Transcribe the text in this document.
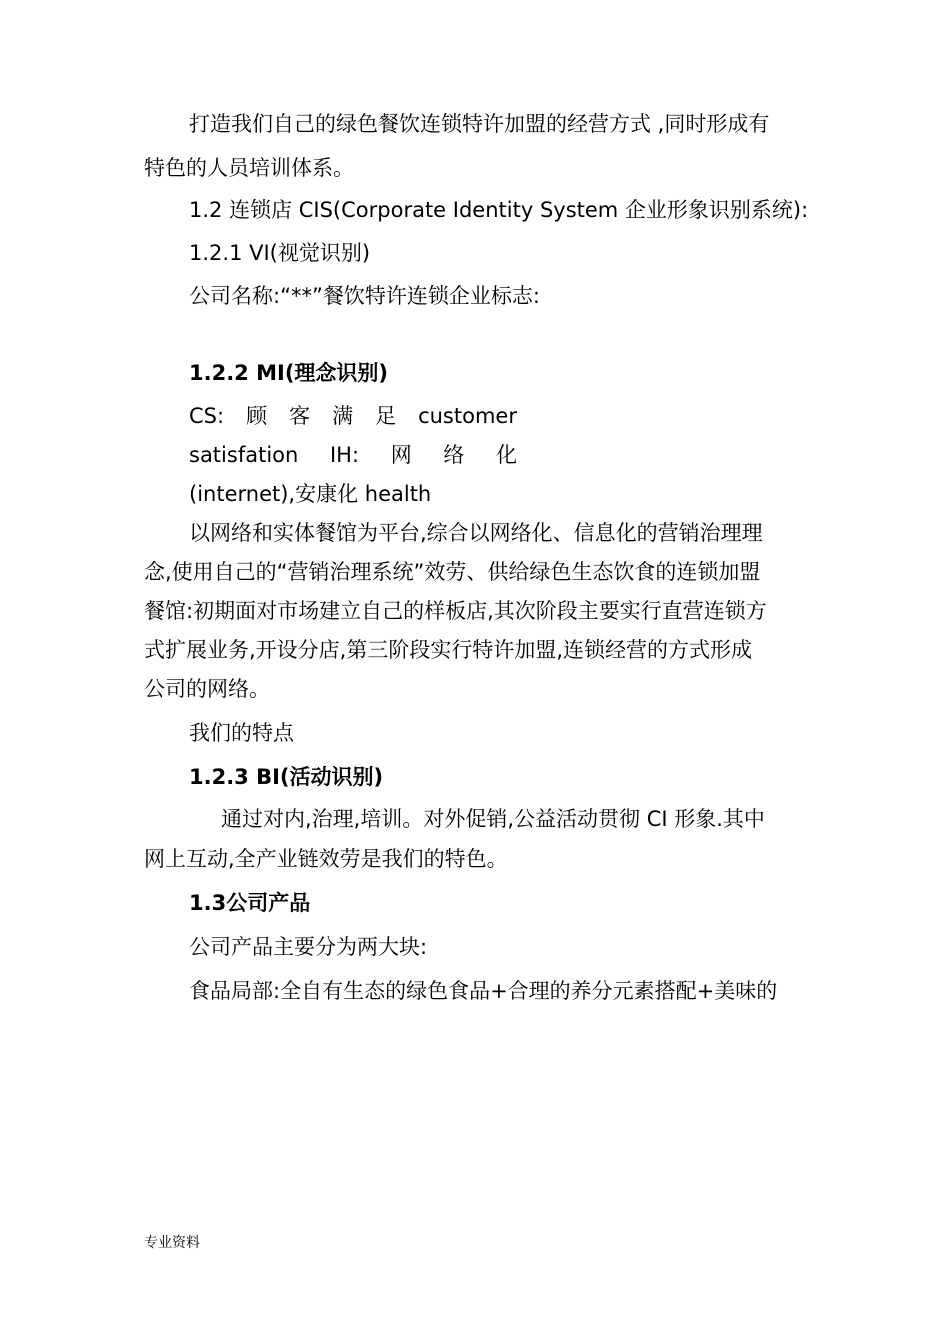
打造我们自己的绿色餐饮连锁特许加盟的经营方式 ,同时形成有
特色的人员培训体系。
1.2 连锁店 CIS(Corporate Identity System 企业形象识别系统):
1.2.1 VI(视觉识别)
公司名称:“**”餐饮特许连锁企业标志:
1.2.2 MI(理念识别)
CS: 顾 客 满 足 customer
satisfation IH: 网 络 化
(internet),安康化 health
以网络和实体餐馆为平台,综合以网络化、信息化的营销治理理
念,使用自己的“营销治理系统”效劳、供给绿色生态饮食的连锁加盟
餐馆:初期面对市场建立自己的样板店,其次阶段主要实行直营连锁方
式扩展业务,开设分店,第三阶段实行特许加盟,连锁经营的方式形成
公司的网络。
我们的特点
1.2.3 BI(活动识别)
通过对内,治理,培训。对外促销,公益活动贯彻 CI 形象.其中
网上互动,全产业链效劳是我们的特色。
1.3公司产品
公司产品主要分为两大块:
食品局部:全自有生态的绿色食品+合理的养分元素搭配+美味的
专业资料
